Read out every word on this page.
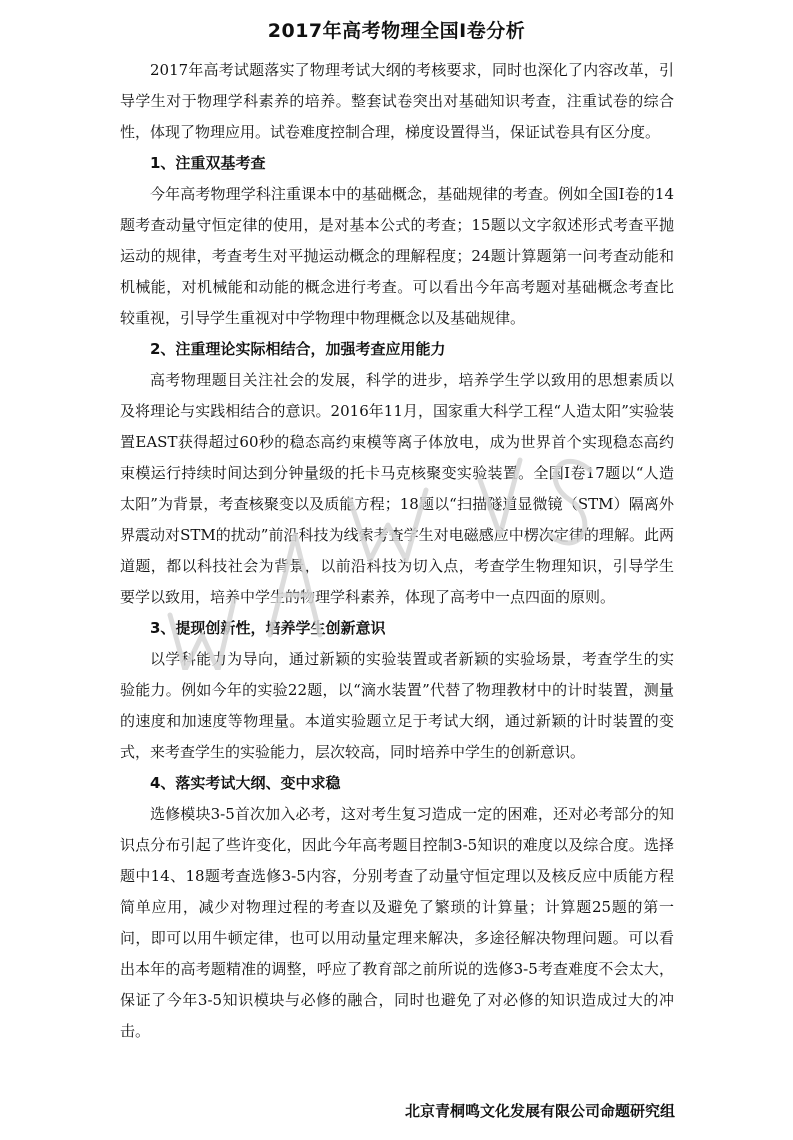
2017年高考物理全国Ⅰ卷分析

2017年高考试题落实了物理考试大纲的考核要求，同时也深化了内容改革，引导学生对于物理学科素养的培养。整套试卷突出对基础知识考查，注重试卷的综合性，体现了物理应用。试卷难度控制合理，梯度设置得当，保证试卷具有区分度。

1、注重双基考查

今年高考物理学科注重课本中的基础概念，基础规律的考查。例如全国Ⅰ卷的14题考查动量守恒定律的使用，是对基本公式的考查；15题以文字叙述形式考查平抛运动的规律，考查考生对平抛运动概念的理解程度；24题计算题第一问考查动能和机械能，对机械能和动能的概念进行考查。可以看出今年高考题对基础概念考查比较重视，引导学生重视对中学物理中物理概念以及基础规律。

2、注重理论实际相结合，加强考查应用能力

高考物理题目关注社会的发展，科学的进步，培养学生学以致用的思想素质以及将理论与实践相结合的意识。2016年11月，国家重大科学工程“人造太阳”实验装置EAST获得超过60秒的稳态高约束模等离子体放电，成为世界首个实现稳态高约束模运行持续时间达到分钟量级的托卡马克核聚变实验装置。全国Ⅰ卷17题以“人造太阳”为背景，考查核聚变以及质能方程；18题以“扫描隧道显微镜（STM）隔离外界震动对STM的扰动”前沿科技为线索考查学生对电磁感应中楞次定律的理解。此两道题，都以科技社会为背景，以前沿科技为切入点，考查学生物理知识，引导学生要学以致用，培养中学生的物理学科素养，体现了高考中一点四面的原则。

3、提现创新性，培养学生创新意识

以学科能力为导向，通过新颖的实验装置或者新颖的实验场景，考查学生的实验能力。例如今年的实验22题，以“滴水装置”代替了物理教材中的计时装置，测量的速度和加速度等物理量。本道实验题立足于考试大纲，通过新颖的计时装置的变式，来考查学生的实验能力，层次较高，同时培养中学生的创新意识。

4、落实考试大纲、变中求稳

选修模块3-5首次加入必考，这对考生复习造成一定的困难，还对必考部分的知识点分布引起了些许变化，因此今年高考题目控制3-5知识的难度以及综合度。选择题中14、18题考查选修3-5内容，分别考查了动量守恒定理以及核反应中质能方程简单应用，减少对物理过程的考查以及避免了繁琐的计算量；计算题25题的第一问，即可以用牛顿定律，也可以用动量定理来解决，多途径解决物理问题。可以看出本年的高考题精准的调整，呼应了教育部之前所说的选修3-5考查难度不会太大，保证了今年3-5知识模块与必修的融合，同时也避免了对必修的知识造成过大的冲击。

北京青桐鸣文化发展有限公司命题研究组
